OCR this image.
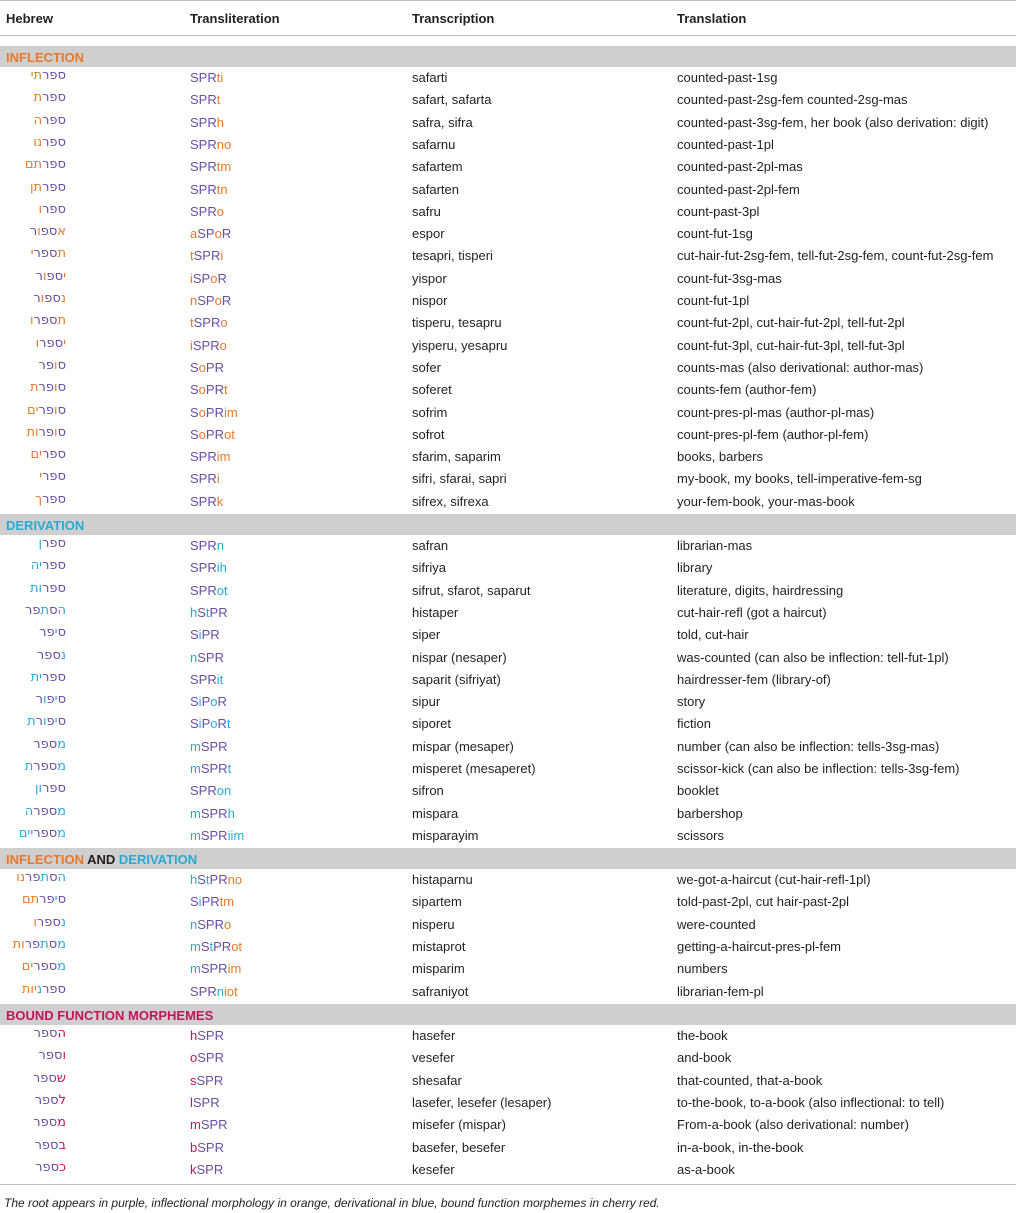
Hebrew	Transliteration	Transcription	Translation
INFLECTION
ספרתי	SPRti	safarti	counted-past-1sg
ספרת	SPRt	safart, safarta	counted-past-2sg-fem counted-2sg-mas
ספרה	SPRh	safra, sifra	counted-past-3sg-fem, her book (also derivation: digit)
ספרנו	SPRno	safarnu	counted-past-1pl
ספרתם	SPRtm	safartem	counted-past-2pl-mas
ספרתן	SPRtn	safarten	counted-past-2pl-fem
ספרו	SPRo	safru	count-past-3pl
אספור	aSPoR	espor	count-fut-1sg
תספרי	tSPRi	tesapri, tisperi	cut-hair-fut-2sg-fem, tell-fut-2sg-fem, count-fut-2sg-fem
יספור	iSPoR	yispor	count-fut-3sg-mas
נספור	nSPoR	nispor	count-fut-1pl
תספרו	tSPRo	tisperu, tesapru	count-fut-2pl, cut-hair-fut-2pl, tell-fut-2pl
יספרו	iSPRo	yisperu, yesapru	count-fut-3pl, cut-hair-fut-3pl, tell-fut-3pl
סופר	SoPR	sofer	counts-mas (also derivational: author-mas)
סופרת	SoPRt	soferet	counts-fem (author-fem)
סופרים	SoPRim	sofrim	count-pres-pl-mas (author-pl-mas)
סופרות	SoPRot	sofrot	count-pres-pl-fem (author-pl-fem)
ספרים	SPRim	sfarim, saparim	books, barbers
ספרי	SPRi	sifri, sfarai, sapri	my-book, my books, tell-imperative-fem-sg
ספרך	SPRk	sifrex, sifrexa	your-fem-book, your-mas-book
DERIVATION
ספרן	SPRn	safran	librarian-mas
ספריה	SPRih	sifriya	library
ספרות	SPRot	sifrut, sfarot, saparut	literature, digits, hairdressing
הסתפר	hStPR	histaper	cut-hair-refl (got a haircut)
סיפר	SiPR	siper	told, cut-hair
נספר	nSPR	nispar (nesaper)	was-counted (can also be inflection: tell-fut-1pl)
ספרית	SPRit	saparit (sifriyat)	hairdresser-fem (library-of)
סיפור	SiPoR	sipur	story
סיפורת	SiPoRt	siporet	fiction
מספר	mSPR	mispar (mesaper)	number (can also be inflection: tells-3sg-mas)
מספרת	mSPRt	misperet (mesaperet)	scissor-kick (can also be inflection: tells-3sg-fem)
ספרון	SPRon	sifron	booklet
מספרה	mSPRh	mispara	barbershop
מספריים	mSPRiim	misparayim	scissors
INFLECTION AND DERIVATION
הסתפרנו	hStPRno	histaparnu	we-got-a-haircut (cut-hair-refl-1pl)
סיפרתם	SiPRtm	sipartem	told-past-2pl, cut hair-past-2pl
נספרו	nSPRo	nisperu	were-counted
מסתפרות	mStPRot	mistaprot	getting-a-haircut-pres-pl-fem
מספרים	mSPRim	misparim	numbers
ספרניות	SPRniot	safraniyot	librarian-fem-pl
BOUND FUNCTION MORPHEMES
הספר	hSPR	hasefer	the-book
וספר	oSPR	vesefer	and-book
שספר	sSPR	shesafar	that-counted, that-a-book
לספר	lSPR	lasefer, lesefer (lesaper)	to-the-book, to-a-book (also inflectional: to tell)
מספר	mSPR	misefer (mispar)	From-a-book (also derivational: number)
בספר	bSPR	basefer, besefer	in-a-book, in-the-book
כספר	kSPR	kesefer	as-a-book
The root appears in purple, inflectional morphology in orange, derivational in blue, bound function morphemes in cherry red.
